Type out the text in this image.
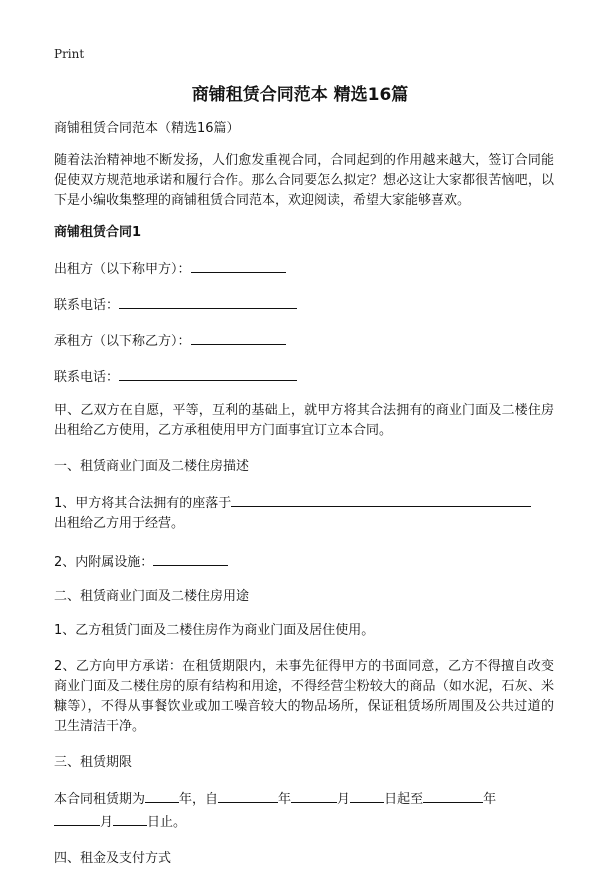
Print
商铺租赁合同范本 精选16篇

商铺租赁合同范本（精选16篇）

随着法治精神地不断发扬，人们愈发重视合同，合同起到的作用越来越大，签订合同能促使双方规范地承诺和履行合作。那么合同要怎么拟定？想必这让大家都很苦恼吧，以下是小编收集整理的商铺租赁合同范本，欢迎阅读，希望大家能够喜欢。

商铺租赁合同1

出租方（以下称甲方）：
联系电话：
承租方（以下称乙方）：
联系电话：

甲、乙双方在自愿，平等，互利的基础上，就甲方将其合法拥有的商业门面及二楼住房出租给乙方使用，乙方承租使用甲方门面事宜订立本合同。

一、租赁商业门面及二楼住房描述

1、甲方将其合法拥有的座落于
出租给乙方用于经营。

2、内附属设施：

二、租赁商业门面及二楼住房用途

1、乙方租赁门面及二楼住房作为商业门面及居住使用。

2、乙方向甲方承诺：在租赁期限内，未事先征得甲方的书面同意，乙方不得擅自改变商业门面及二楼住房的原有结构和用途，不得经营尘粉较大的商品（如水泥，石灰、米糠等），不得从事餐饮业或加工噪音较大的物品场所，保证租赁场所周围及公共过道的卫生清洁干净。

三、租赁期限

本合同租赁期为	年，自	年	月	日起至	年
月	日止。

四、租金及支付方式
